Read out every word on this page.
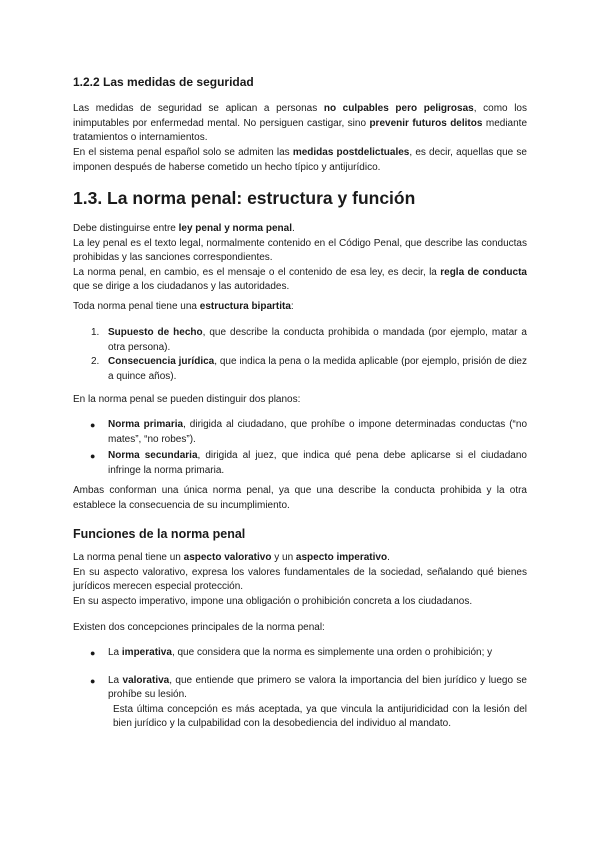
1.2.2 Las medidas de seguridad

Las medidas de seguridad se aplican a personas no culpables pero peligrosas, como los inimputables por enfermedad mental. No persiguen castigar, sino prevenir futuros delitos mediante tratamientos o internamientos.

En el sistema penal español solo se admiten las medidas postdelictuales, es decir, aquellas que se imponen después de haberse cometido un hecho típico y antijurídico.

1.3. La norma penal: estructura y función

Debe distinguirse entre ley penal y norma penal.
La ley penal es el texto legal, normalmente contenido en el Código Penal, que describe las conductas prohibidas y las sanciones correspondientes.
La norma penal, en cambio, es el mensaje o el contenido de esa ley, es decir, la regla de conducta que se dirige a los ciudadanos y las autoridades.

Toda norma penal tiene una estructura bipartita:

1. Supuesto de hecho, que describe la conducta prohibida o mandada (por ejemplo, matar a otra persona).
2. Consecuencia jurídica, que indica la pena o la medida aplicable (por ejemplo, prisión de diez a quince años).

En la norma penal se pueden distinguir dos planos:

● Norma primaria, dirigida al ciudadano, que prohíbe o impone determinadas conductas (“no mates”, “no robes”).
● Norma secundaria, dirigida al juez, que indica qué pena debe aplicarse si el ciudadano infringe la norma primaria.

Ambas conforman una única norma penal, ya que una describe la conducta prohibida y la otra establece la consecuencia de su incumplimiento.

Funciones de la norma penal

La norma penal tiene un aspecto valorativo y un aspecto imperativo.
En su aspecto valorativo, expresa los valores fundamentales de la sociedad, señalando qué bienes jurídicos merecen especial protección.
En su aspecto imperativo, impone una obligación o prohibición concreta a los ciudadanos.

Existen dos concepciones principales de la norma penal:

● La imperativa, que considera que la norma es simplemente una orden o prohibición; y
● La valorativa, que entiende que primero se valora la importancia del bien jurídico y luego se prohíbe su lesión.
Esta última concepción es más aceptada, ya que vincula la antijuridicidad con la lesión del bien jurídico y la culpabilidad con la desobediencia del individuo al mandato.
